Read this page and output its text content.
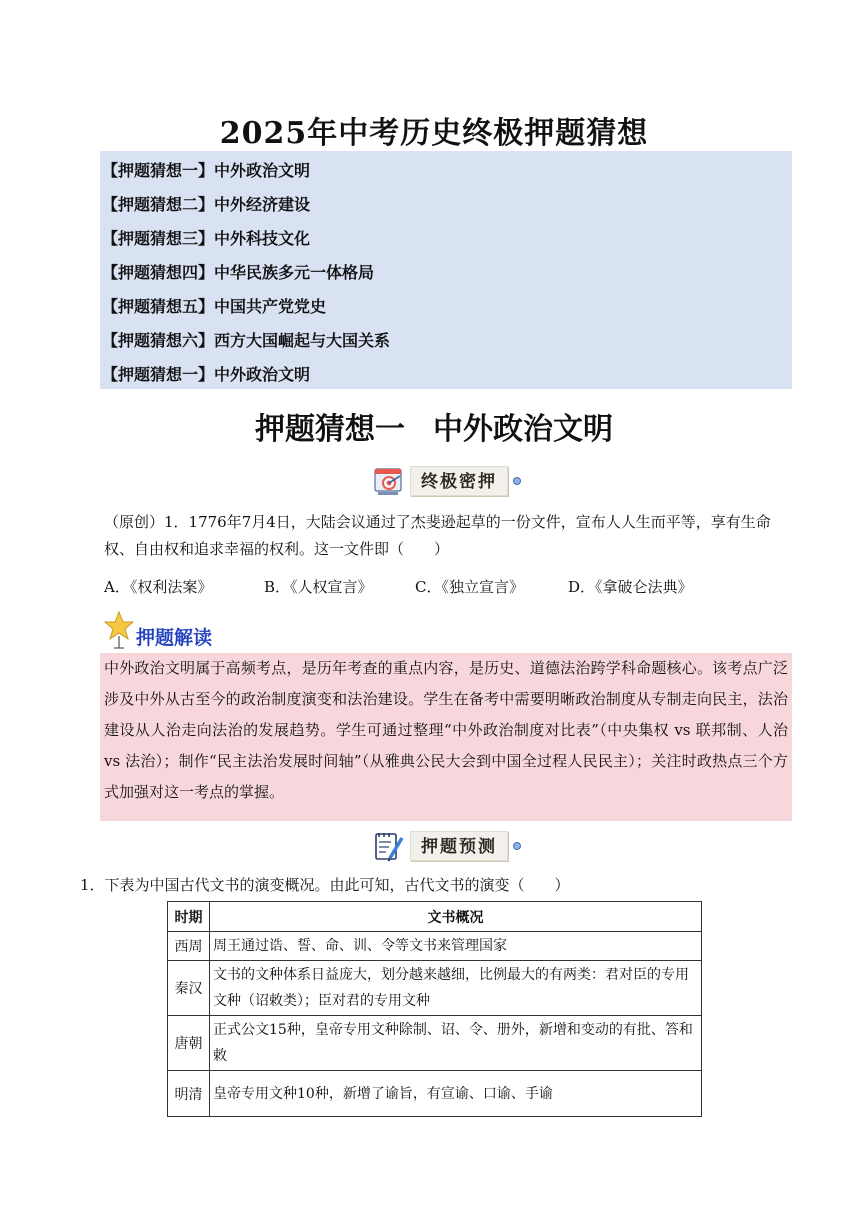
2025年中考历史终极押题猜想
【押题猜想一】中外政治文明
【押题猜想二】中外经济建设
【押题猜想三】中外科技文化
【押题猜想四】中华民族多元一体格局
【押题猜想五】中国共产党党史
【押题猜想六】西方大国崛起与大国关系
【押题猜想一】中外政治文明
押题猜想一 中外政治文明
终极密押
（原创）1．1776年7月4日，大陆会议通过了杰斐逊起草的一份文件，宣布人人生而平等，享有生命权、自由权和追求幸福的权利。这一文件即（　　）
A．《权利法案》	B．《人权宣言》	C．《独立宣言》	D．《拿破仑法典》
押题解读
中外政治文明属于高频考点，是历年考查的重点内容，是历史、道德法治跨学科命题核心。该考点广泛涉及中外从古至今的政治制度演变和法治建设。学生在备考中需要明晰政治制度从专制走向民主，法治建设从人治走向法治的发展趋势。学生可通过整理“中外政治制度对比表”（中央集权 vs 联邦制、人治 vs 法治）；制作“民主法治发展时间轴”（从雅典公民大会到中国全过程人民民主）；关注时政热点三个方式加强对这一考点的掌握。
押题预测
1．下表为中国古代文书的演变概况。由此可知，古代文书的演变（　　）
时期	文书概况
西周	周王通过诰、誓、命、训、令等文书来管理国家
秦汉	文书的文种体系日益庞大，划分越来越细，比例最大的有两类：君对臣的专用文种（诏敕类）；臣对君的专用文种
唐朝	正式公文15种，皇帝专用文种除制、诏、令、册外，新增和变动的有批、答和敕
明清	皇帝专用文种10种，新增了谕旨，有宣谕、口谕、手谕
